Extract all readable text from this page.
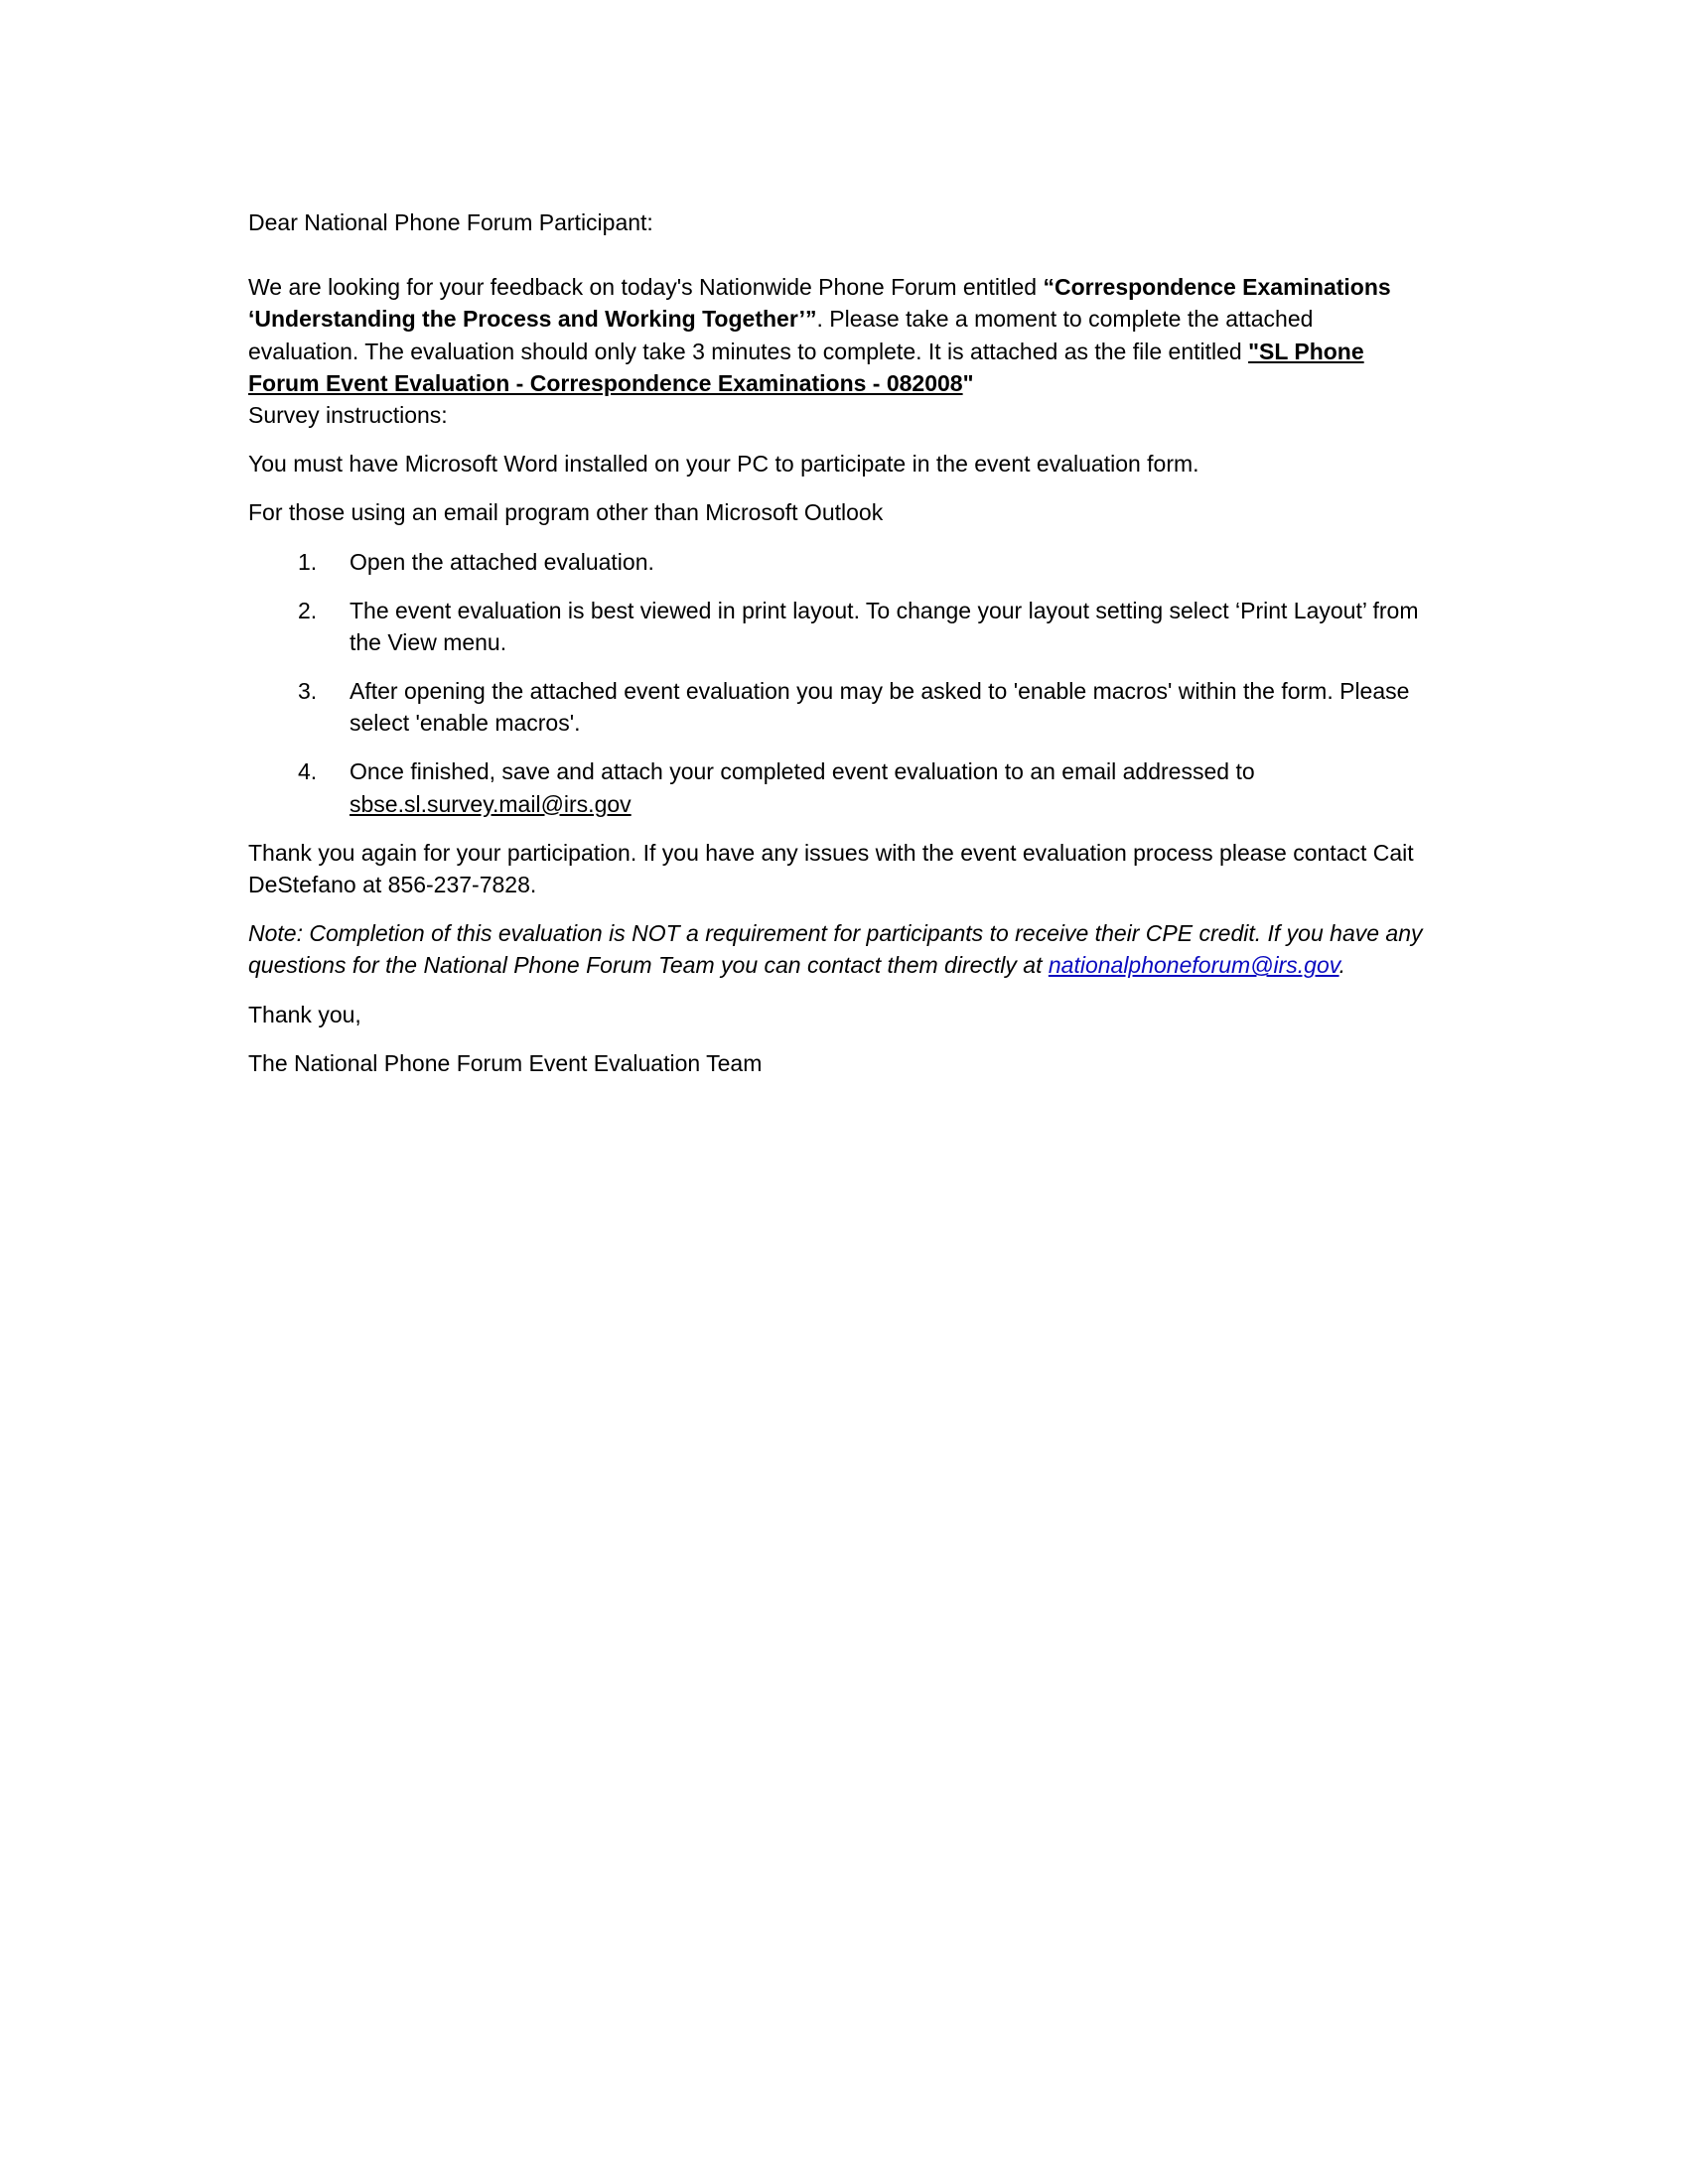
Dear National Phone Forum Participant:

We are looking for your feedback on today's Nationwide Phone Forum entitled “Correspondence Examinations ‘Understanding the Process and Working Together’”. Please take a moment to complete the attached evaluation. The evaluation should only take 3 minutes to complete. It is attached as the file entitled "SL Phone Forum Event Evaluation - Correspondence Examinations - 082008"

Survey instructions:

You must have Microsoft Word installed on your PC to participate in the event evaluation form.

For those using an email program other than Microsoft Outlook

1.	Open the attached evaluation.
2.	The event evaluation is best viewed in print layout. To change your layout setting select ‘Print Layout’ from the View menu.
3.	After opening the attached event evaluation you may be asked to 'enable macros' within the form. Please select 'enable macros'.
4.	Once finished, save and attach your completed event evaluation to an email addressed to sbse.sl.survey.mail@irs.gov

Thank you again for your participation. If you have any issues with the event evaluation process please contact Cait DeStefano at 856-237-7828.

Note: Completion of this evaluation is NOT a requirement for participants to receive their CPE credit. If you have any questions for the National Phone Forum Team you can contact them directly at nationalphoneforum@irs.gov.

Thank you,

The National Phone Forum Event Evaluation Team
